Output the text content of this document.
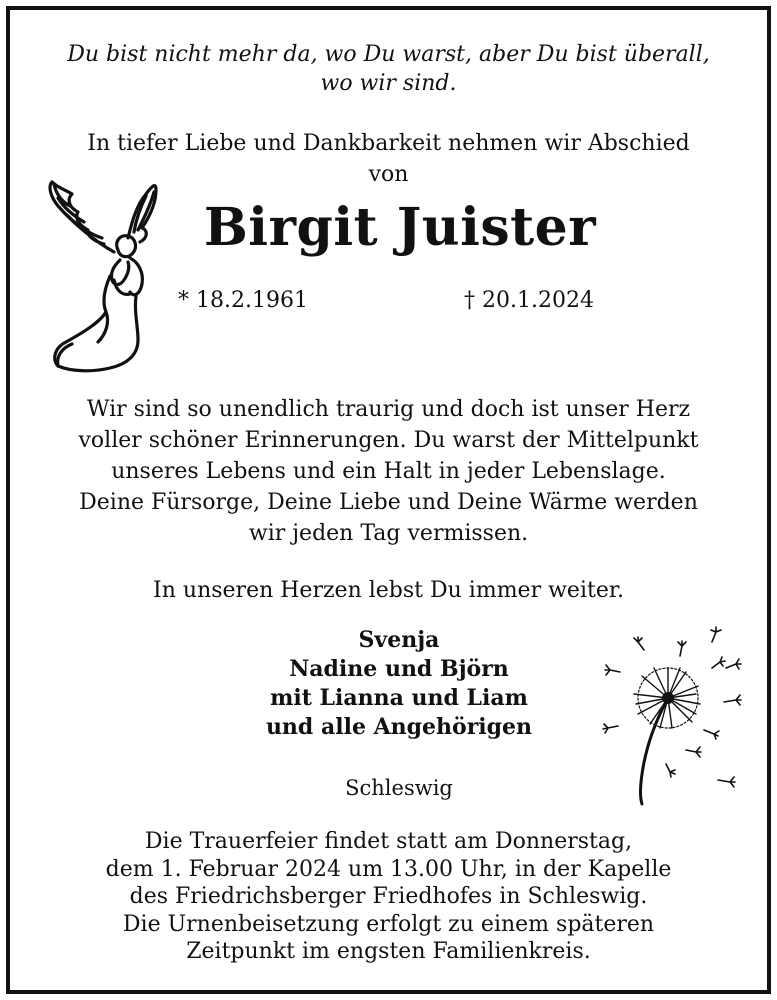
Du bist nicht mehr da, wo Du warst, aber Du bist überall,
wo wir sind.
In tiefer Liebe und Dankbarkeit nehmen wir Abschied
von
Birgit Juister
* 18.2.1961	† 20.1.2024
Wir sind so unendlich traurig und doch ist unser Herz
voller schöner Erinnerungen. Du warst der Mittelpunkt
unseres Lebens und ein Halt in jeder Lebenslage.
Deine Fürsorge, Deine Liebe und Deine Wärme werden
wir jeden Tag vermissen.
In unseren Herzen lebst Du immer weiter.
Svenja
Nadine und Björn
mit Lianna und Liam
und alle Angehörigen
Schleswig
Die Trauerfeier findet statt am Donnerstag,
dem 1. Februar 2024 um 13.00 Uhr, in der Kapelle
des Friedrichsberger Friedhofes in Schleswig.
Die Urnenbeisetzung erfolgt zu einem späteren
Zeitpunkt im engsten Familienkreis.
